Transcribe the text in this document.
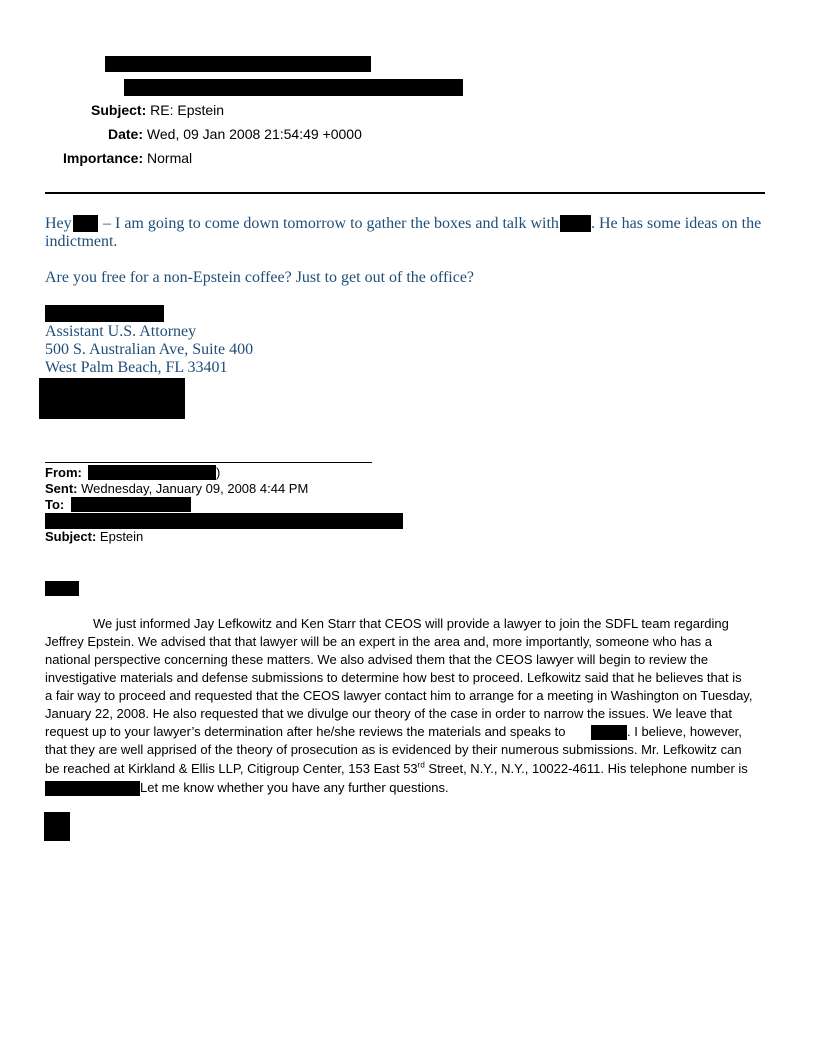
Subject: RE: Epstein
Date: Wed, 09 Jan 2008 21:54:49 +0000
Importance: Normal
Hey – I am going to come down tomorrow to gather the boxes and talk with . He has some ideas on the
indictment.
Are you free for a non-Epstein coffee? Just to get out of the office?
Assistant U.S. Attorney
500 S. Australian Ave, Suite 400
West Palm Beach, FL 33401
From:	)
Sent: Wednesday, January 09, 2008 4:44 PM
To:
Subject: Epstein
We just informed Jay Lefkowitz and Ken Starr that CEOS will provide a lawyer to join the SDFL team regarding
Jeffrey Epstein. We advised that that lawyer will be an expert in the area and, more importantly, someone who has a
national perspective concerning these matters. We also advised them that the CEOS lawyer will begin to review the
investigative materials and defense submissions to determine how best to proceed. Lefkowitz said that he believes that is
a fair way to proceed and requested that the CEOS lawyer contact him to arrange for a meeting in Washington on Tuesday,
January 22, 2008. He also requested that we divulge our theory of the case in order to narrow the issues. We leave that
request up to your lawyer’s determination after he/she reviews the materials and speaks to	. I believe, however,
that they are well apprised of the theory of prosecution as is evidenced by their numerous submissions. Mr. Lefkowitz can
be reached at Kirkland & Ellis LLP, Citigroup Center, 153 East 53rd Street, N.Y., N.Y., 10022-4611. His telephone number is
Let me know whether you have any further questions.
